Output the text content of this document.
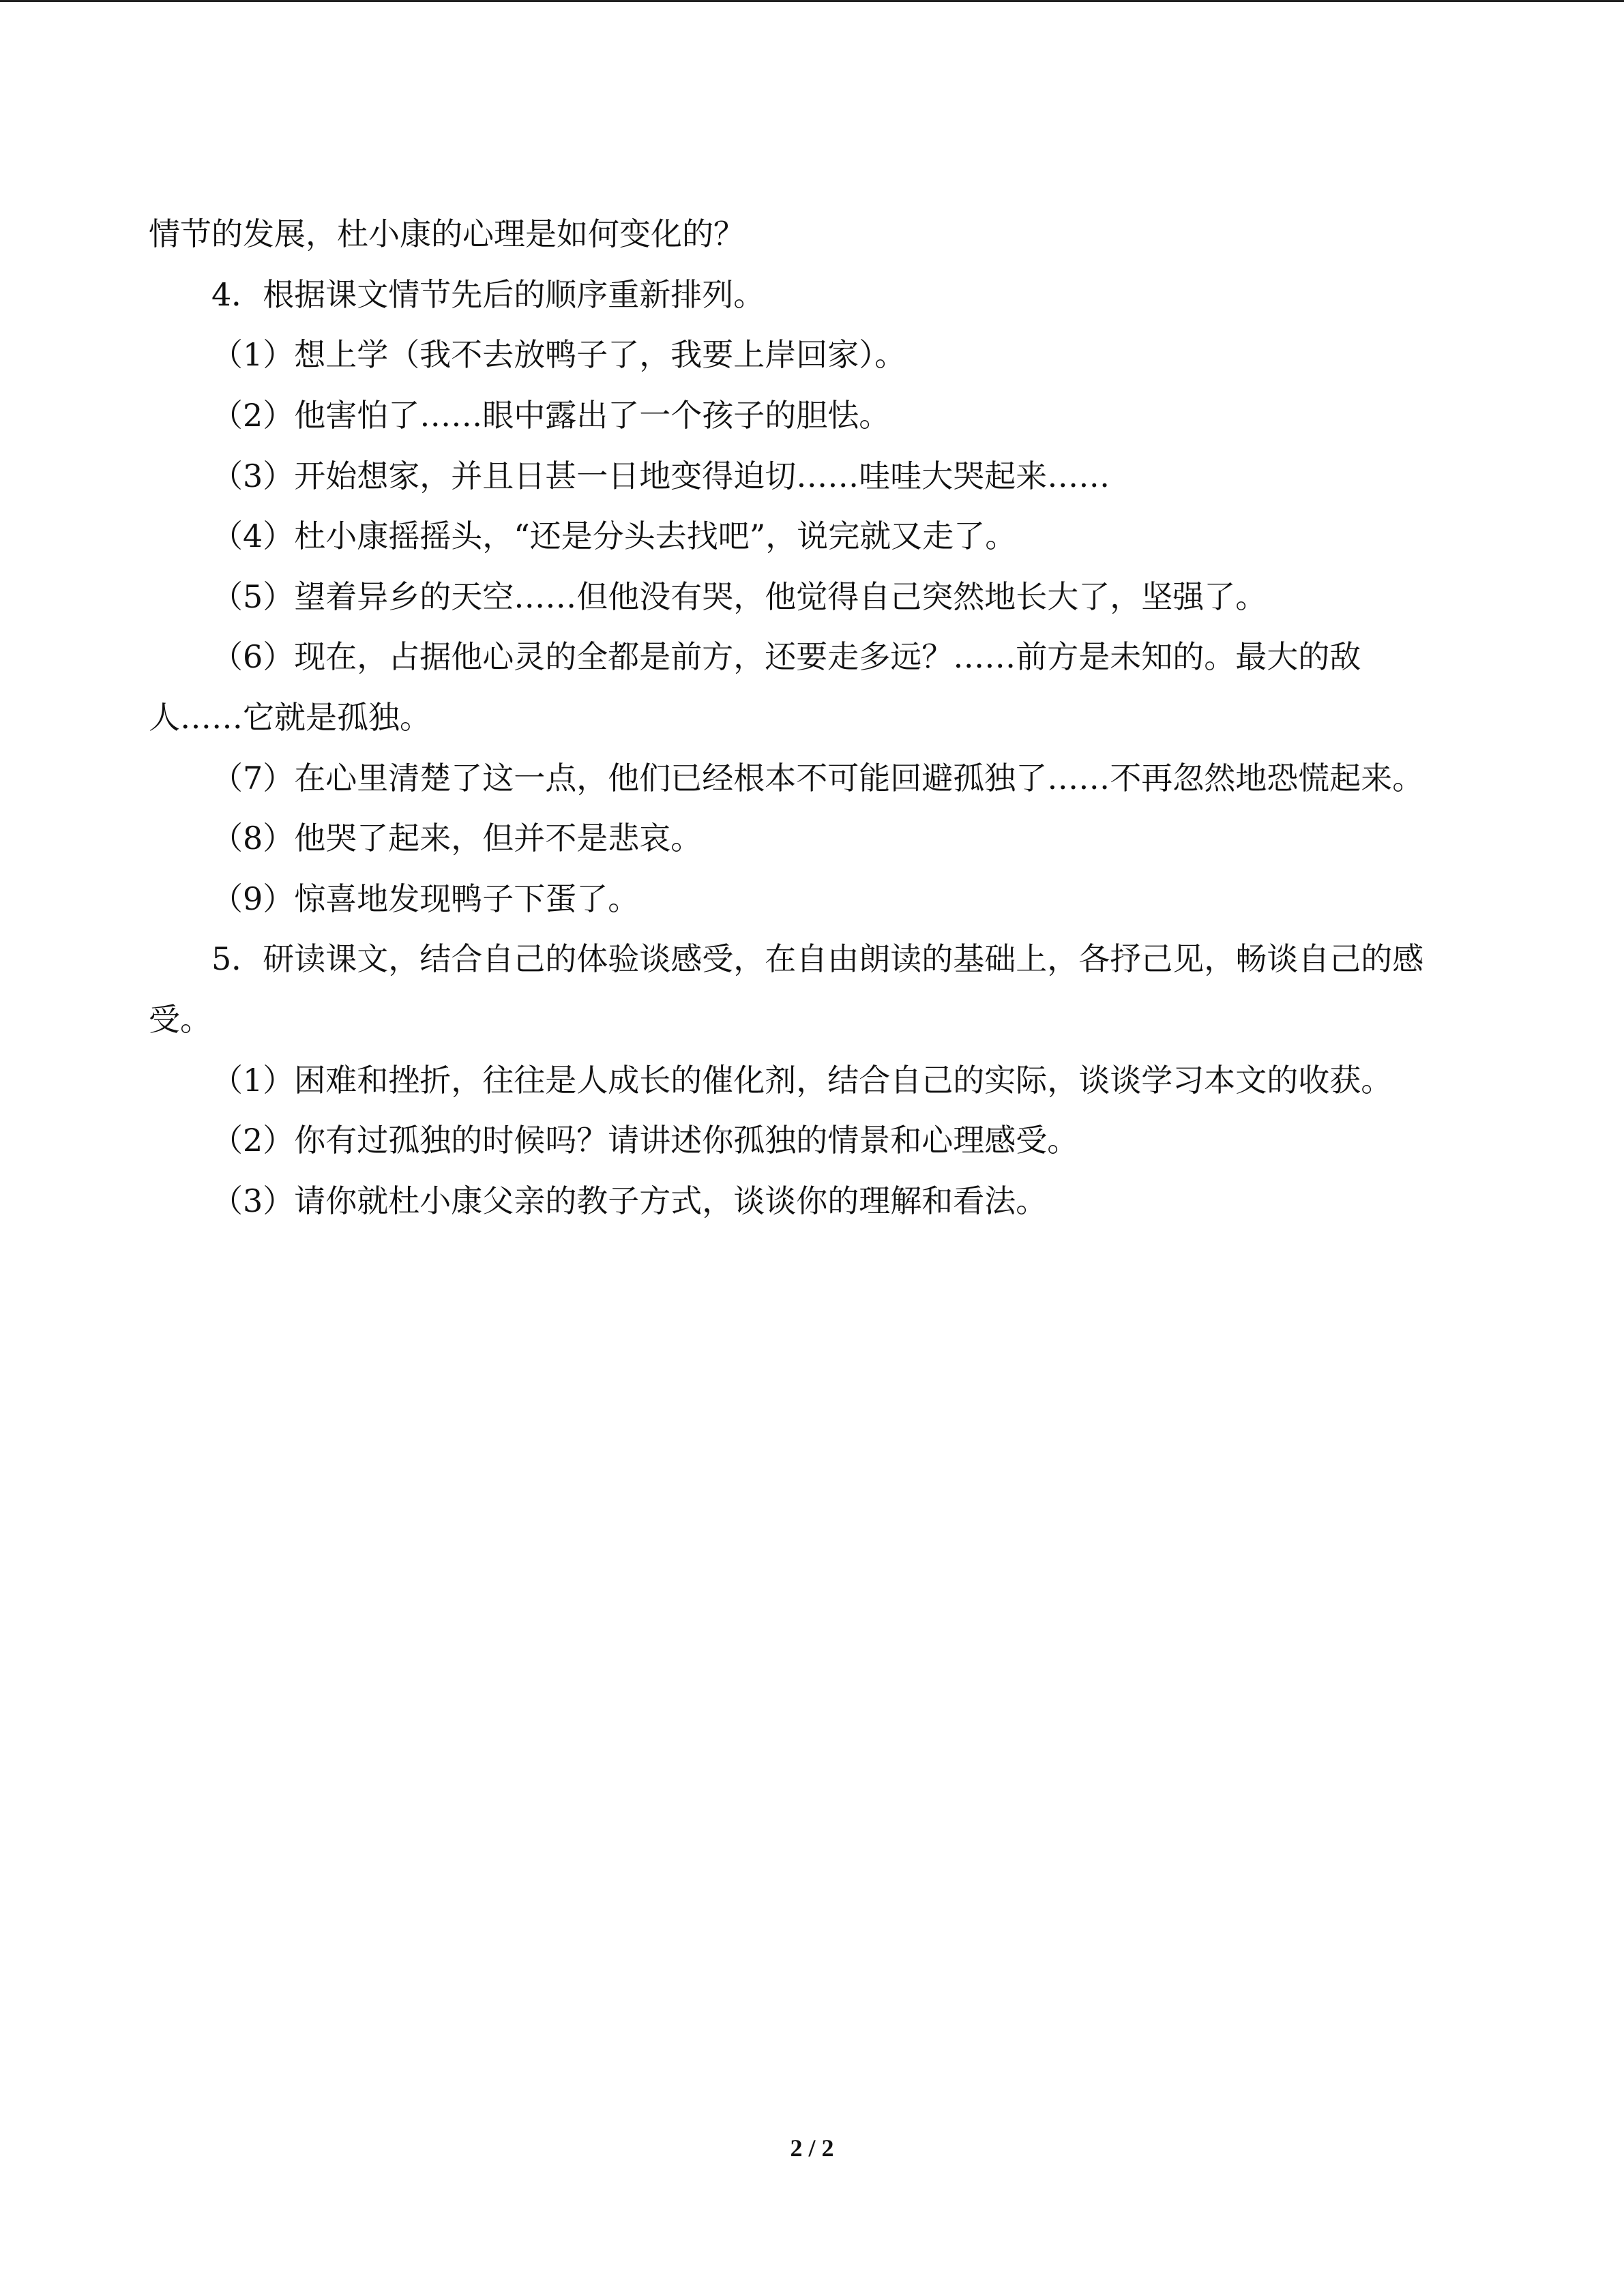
情节的发展，杜小康的心理是如何变化的？
4．根据课文情节先后的顺序重新排列。
（1）想上学（我不去放鸭子了，我要上岸回家）。
（2）他害怕了……眼中露出了一个孩子的胆怯。
（3）开始想家，并且日甚一日地变得迫切……哇哇大哭起来……
（4）杜小康摇摇头，“还是分头去找吧”，说完就又走了。
（5）望着异乡的天空……但他没有哭，他觉得自己突然地长大了，坚强了。
（6）现在，占据他心灵的全都是前方，还要走多远？……前方是未知的。最大的敌
人……它就是孤独。
（7）在心里清楚了这一点，他们已经根本不可能回避孤独了……不再忽然地恐慌起来。
（8）他哭了起来，但并不是悲哀。
（9）惊喜地发现鸭子下蛋了。
5．研读课文，结合自己的体验谈感受，在自由朗读的基础上，各抒己见，畅谈自己的感
受。
（1）困难和挫折，往往是人成长的催化剂，结合自己的实际，谈谈学习本文的收获。
（2）你有过孤独的时候吗？请讲述你孤独的情景和心理感受。
（3）请你就杜小康父亲的教子方式，谈谈你的理解和看法。
2 / 2
